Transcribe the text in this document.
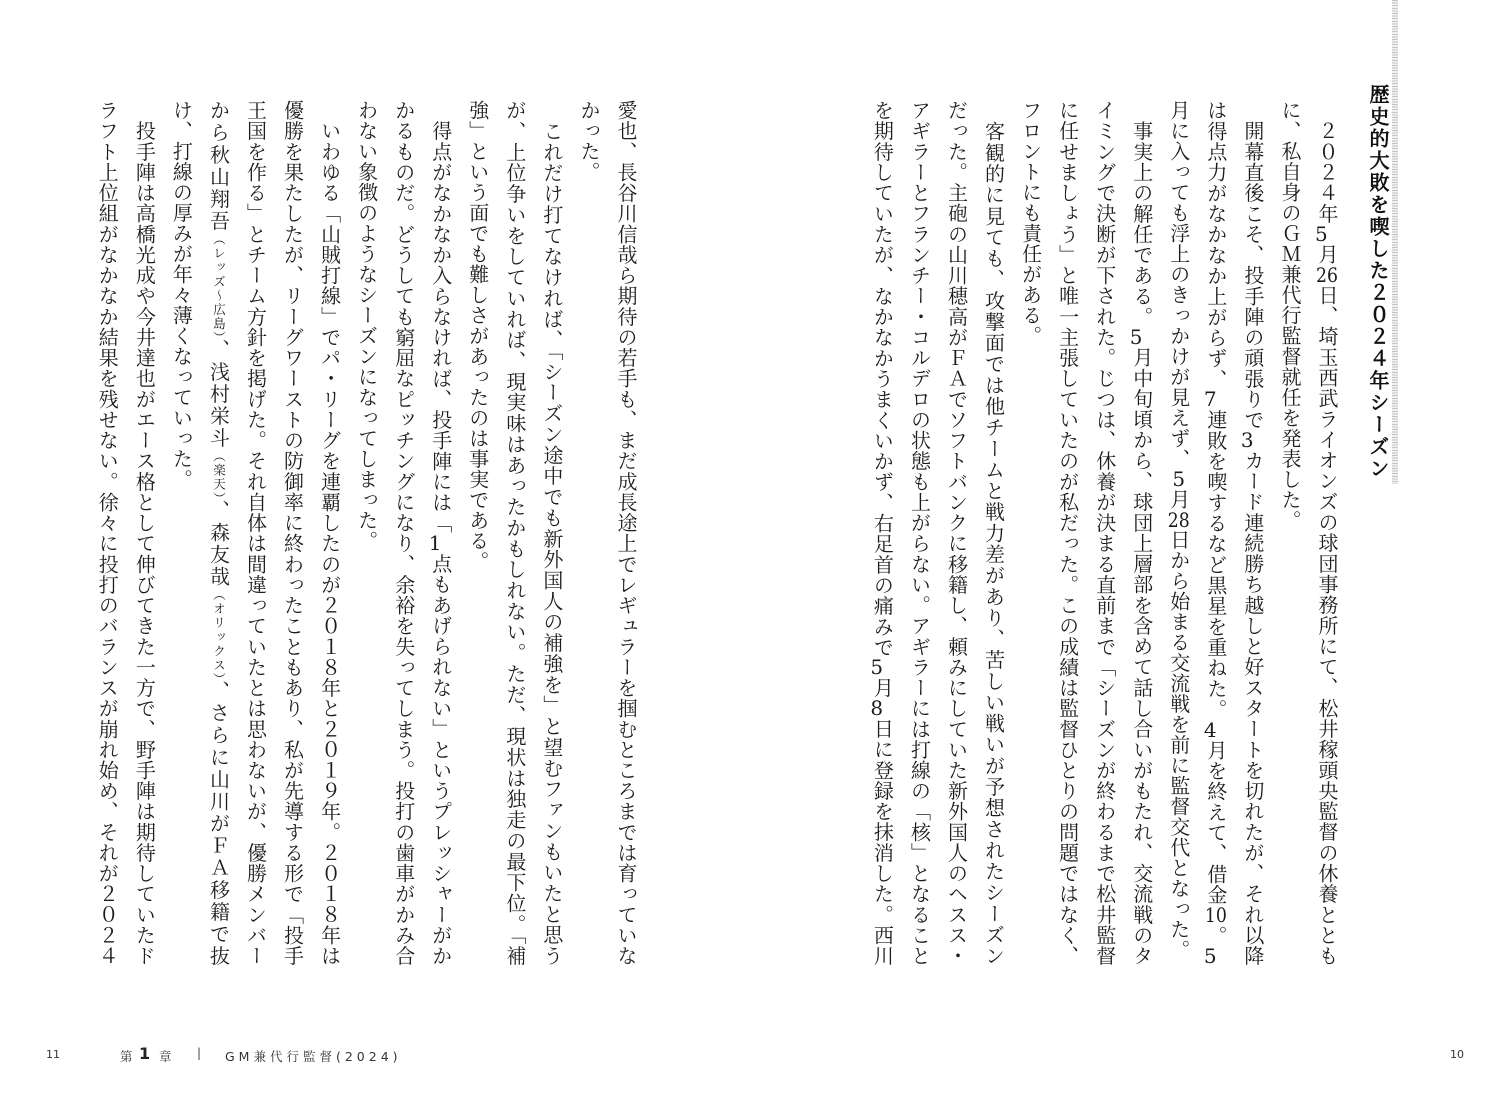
11	第 1 章 | GM兼代行監督(2024)
愛也、長谷川信哉ら期待の若手も、まだ成長途上でレギュラーを掴むところまでは育っていな
かった。
　これだけ打てなければ、「シーズン途中でも新外国人の補強を」と望むファンもいたと思う
が、上位争いをしていれば、現実味はあったかもしれない。ただ、現状は独走の最下位。「補
強」という面でも難しさがあったのは事実である。
　得点がなかなか入らなければ、投手陣には「1点もあげられない」というプレッシャーがか
かるものだ。どうしても窮屈なピッチングになり、余裕を失ってしまう。投打の歯車がかみ合
わない象徴のようなシーズンになってしまった。
　いわゆる「山賊打線」でパ・リーグを連覇したのが２０１８年と２０１９年。２０１８年は
優勝を果たしたが、リーグワーストの防御率に終わったこともあり、私が先導する形で「投手
王国を作る」とチーム方針を掲げた。それ自体は間違っていたとは思わないが、優勝メンバー
から秋山翔吾（レッズ～広島）、浅村栄斗（楽天）、森友哉（オリックス）、さらに山川がＦＡ移籍で抜
け、打線の厚みが年々薄くなっていった。
　投手陣は高橋光成や今井達也がエース格として伸びてきた一方で、野手陣は期待していたド
ラフト上位組がなかなか結果を残せない。徐々に投打のバランスが崩れ始め、それが２０２４	歴史的大敗を喫した２０２４年シーズン
10
　２０２４年5月26日、埼玉西武ライオンズの球団事務所にて、松井稼頭央監督の休養ととも
に、私自身のＧＭ兼代行監督就任を発表した。
　開幕直後こそ、投手陣の頑張りで3カード連続勝ち越しと好スタートを切れたが、それ以降
は得点力がなかなか上がらず、7連敗を喫するなど黒星を重ねた。4月を終えて、借金10。5
月に入っても浮上のきっかけが見えず、5月28日から始まる交流戦を前に監督交代となった。
　事実上の解任である。5月中旬頃から、球団上層部を含めて話し合いがもたれ、交流戦のタ
イミングで決断が下された。じつは、休養が決まる直前まで「シーズンが終わるまで松井監督
に任せましょう」と唯一主張していたのが私だった。この成績は監督ひとりの問題ではなく、
フロントにも責任がある。
　客観的に見ても、攻撃面では他チームと戦力差があり、苦しい戦いが予想されたシーズン
だった。主砲の山川穂高がＦＡでソフトバンクに移籍し、頼みにしていた新外国人のヘスス・
アギラーとフランチー・コルデロの状態も上がらない。アギラーには打線の「核」となること
を期待していたが、なかなかうまくいかず、右足首の痛みで5月8日に登録を抹消した。西川
